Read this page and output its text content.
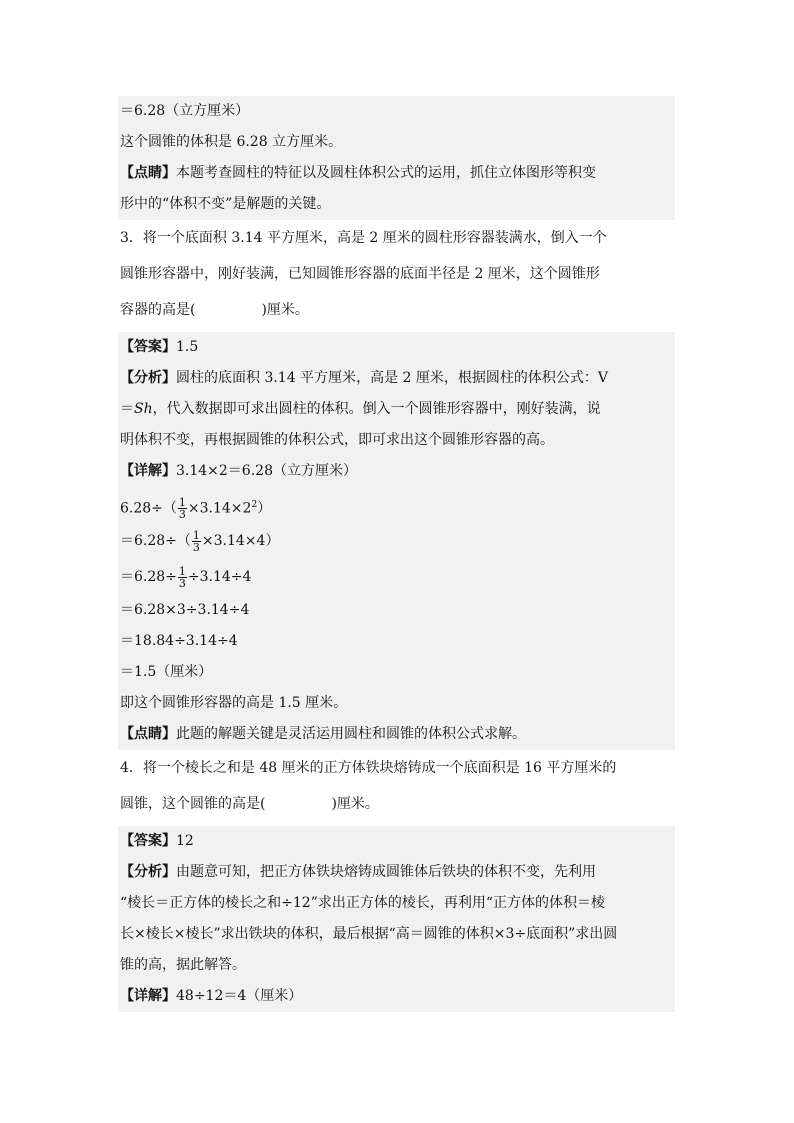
＝6.28（立方厘米）
这个圆锥的体积是 6.28 立方厘米。
【点睛】本题考查圆柱的特征以及圆柱体积公式的运用，抓住立体图形等积变
形中的“体积不变”是解题的关键。
3．将一个底面积 3.14 平方厘米，高是 2 厘米的圆柱形容器装满水，倒入一个
圆锥形容器中，刚好装满，已知圆锥形容器的底面半径是 2 厘米，这个圆锥形
容器的高是(	)厘米。
【答案】1.5
【分析】圆柱的底面积 3.14 平方厘米，高是 2 厘米，根据圆柱的体积公式：V
＝Sh，代入数据即可求出圆柱的体积。倒入一个圆锥形容器中，刚好装满，说
明体积不变，再根据圆锥的体积公式，即可求出这个圆锥形容器的高。
【详解】3.14×2＝6.28（立方厘米）
$6.28\div( \frac{1}{3} \times 3.14\times 2^2)$
$=6.28\div( \frac{1}{3} \times 3.14\times 4)$
$=6.28\div \frac{1}{3} \div 3.14\div 4$
＝6.28×3÷3.14÷4
＝18.84÷3.14÷4
＝1.5（厘米）
即这个圆锥形容器的高是 1.5 厘米。
【点睛】此题的解题关键是灵活运用圆柱和圆锥的体积公式求解。
4．将一个棱长之和是 48 厘米的正方体铁块熔铸成一个底面积是 16 平方厘米的
圆锥，这个圆锥的高是(	)厘米。
【答案】12
【分析】由题意可知，把正方体铁块熔铸成圆锥体后铁块的体积不变，先利用
“棱长＝正方体的棱长之和÷12”求出正方体的棱长，再利用“正方体的体积＝棱
长×棱长×棱长”求出铁块的体积，最后根据“高＝圆锥的体积×3÷底面积”求出圆
锥的高，据此解答。
【详解】48÷12＝4（厘米）
